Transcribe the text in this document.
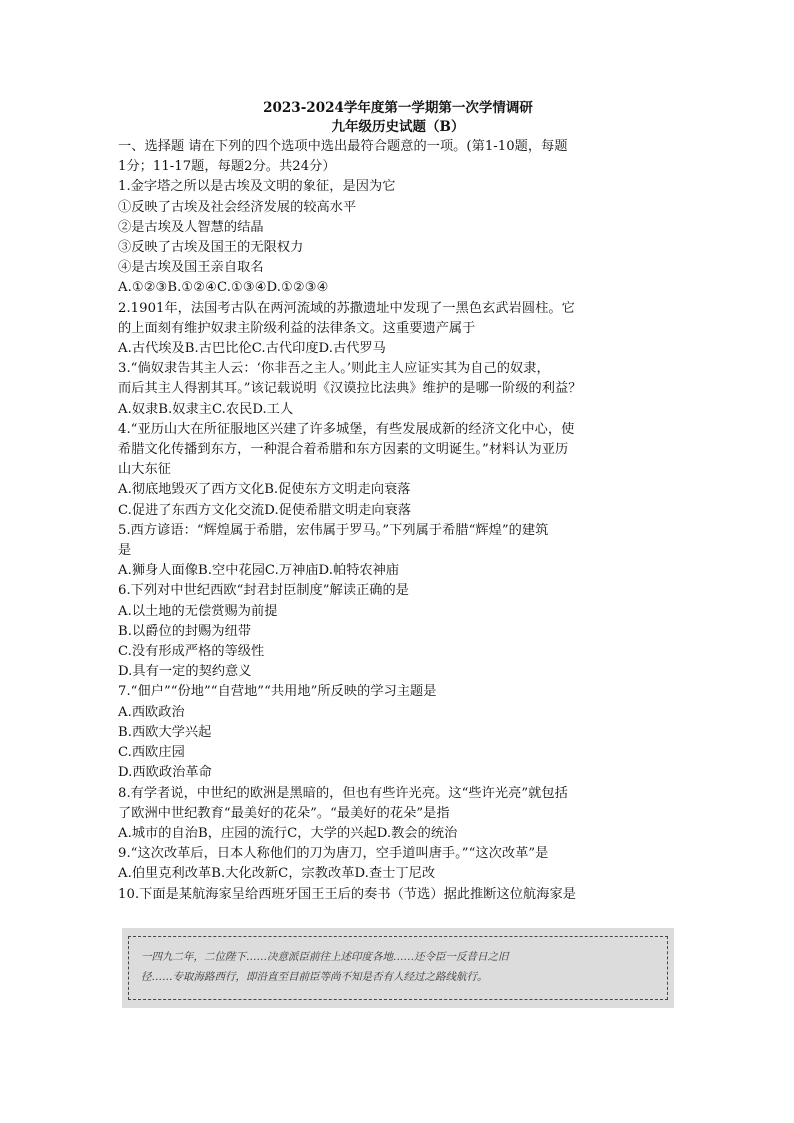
2023-2024学年度第一学期第一次学情调研
九年级历史试题（B）
一、选择题 请在下列的四个选项中选出最符合题意的一项。(第1-10题，每题
1分；11-17题，每题2分。共24分）
1.金字塔之所以是古埃及文明的象征，是因为它
①反映了古埃及社会经济发展的较高水平
②是古埃及人智慧的结晶
③反映了古埃及国王的无限权力
④是古埃及国王亲自取名
A.①②③B.①②④C.①③④D.①②③④
2.1901年，法国考古队在两河流域的苏撒遗址中发现了一黑色玄武岩圆柱。它
的上面刻有维护奴隶主阶级利益的法律条文。这重要遗产属于
A.古代埃及B.古巴比伦C.古代印度D.古代罗马
3.“倘奴隶告其主人云：‘你非吾之主人。’则此主人应证实其为自己的奴隶，
而后其主人得割其耳。”该记载说明《汉谟拉比法典》维护的是哪一阶级的利益？
A.奴隶B.奴隶主C.农民D.工人
4.“亚历山大在所征服地区兴建了许多城堡，有些发展成新的经济文化中心，使
希腊文化传播到东方，一种混合着希腊和东方因素的文明诞生。”材料认为亚历
山大东征
A.彻底地毁灭了西方文化B.促使东方文明走向衰落
C.促进了东西方文化交流D.促使希腊文明走向衰落
5.西方谚语：“辉煌属于希腊，宏伟属于罗马。”下列属于希腊“辉煌”的建筑
是
A.狮身人面像B.空中花园C.万神庙D.帕特农神庙
6.下列对中世纪西欧“封君封臣制度”解读正确的是
A.以土地的无偿赏赐为前提
B.以爵位的封赐为纽带
C.没有形成严格的等级性
D.具有一定的契约意义
7.“佃户”“份地”“自营地”“共用地”所反映的学习主题是
A.西欧政治
B.西欧大学兴起
C.西欧庄园
D.西欧政治革命
8.有学者说，中世纪的欧洲是黑暗的，但也有些许光亮。这“些许光亮”就包括
了欧洲中世纪教育“最美好的花朵”。“最美好的花朵”是指
A.城市的自治B，庄园的流行C，大学的兴起D.教会的统治
9.“这次改革后，日本人称他们的刀为唐刀，空手道叫唐手。”“这次改革”是
A.伯里克利改革B.大化改新C，宗教改革D.查士丁尼改
10.下面是某航海家呈给西班牙国王王后的奏书（节选）据此推断这位航海家是
一四九二年，二位陛下……决意派臣前往上述印度各地……还令臣一反昔日之旧
径……专取海路西行，即沿直至目前臣等尚不知是否有人经过之路线航行。
